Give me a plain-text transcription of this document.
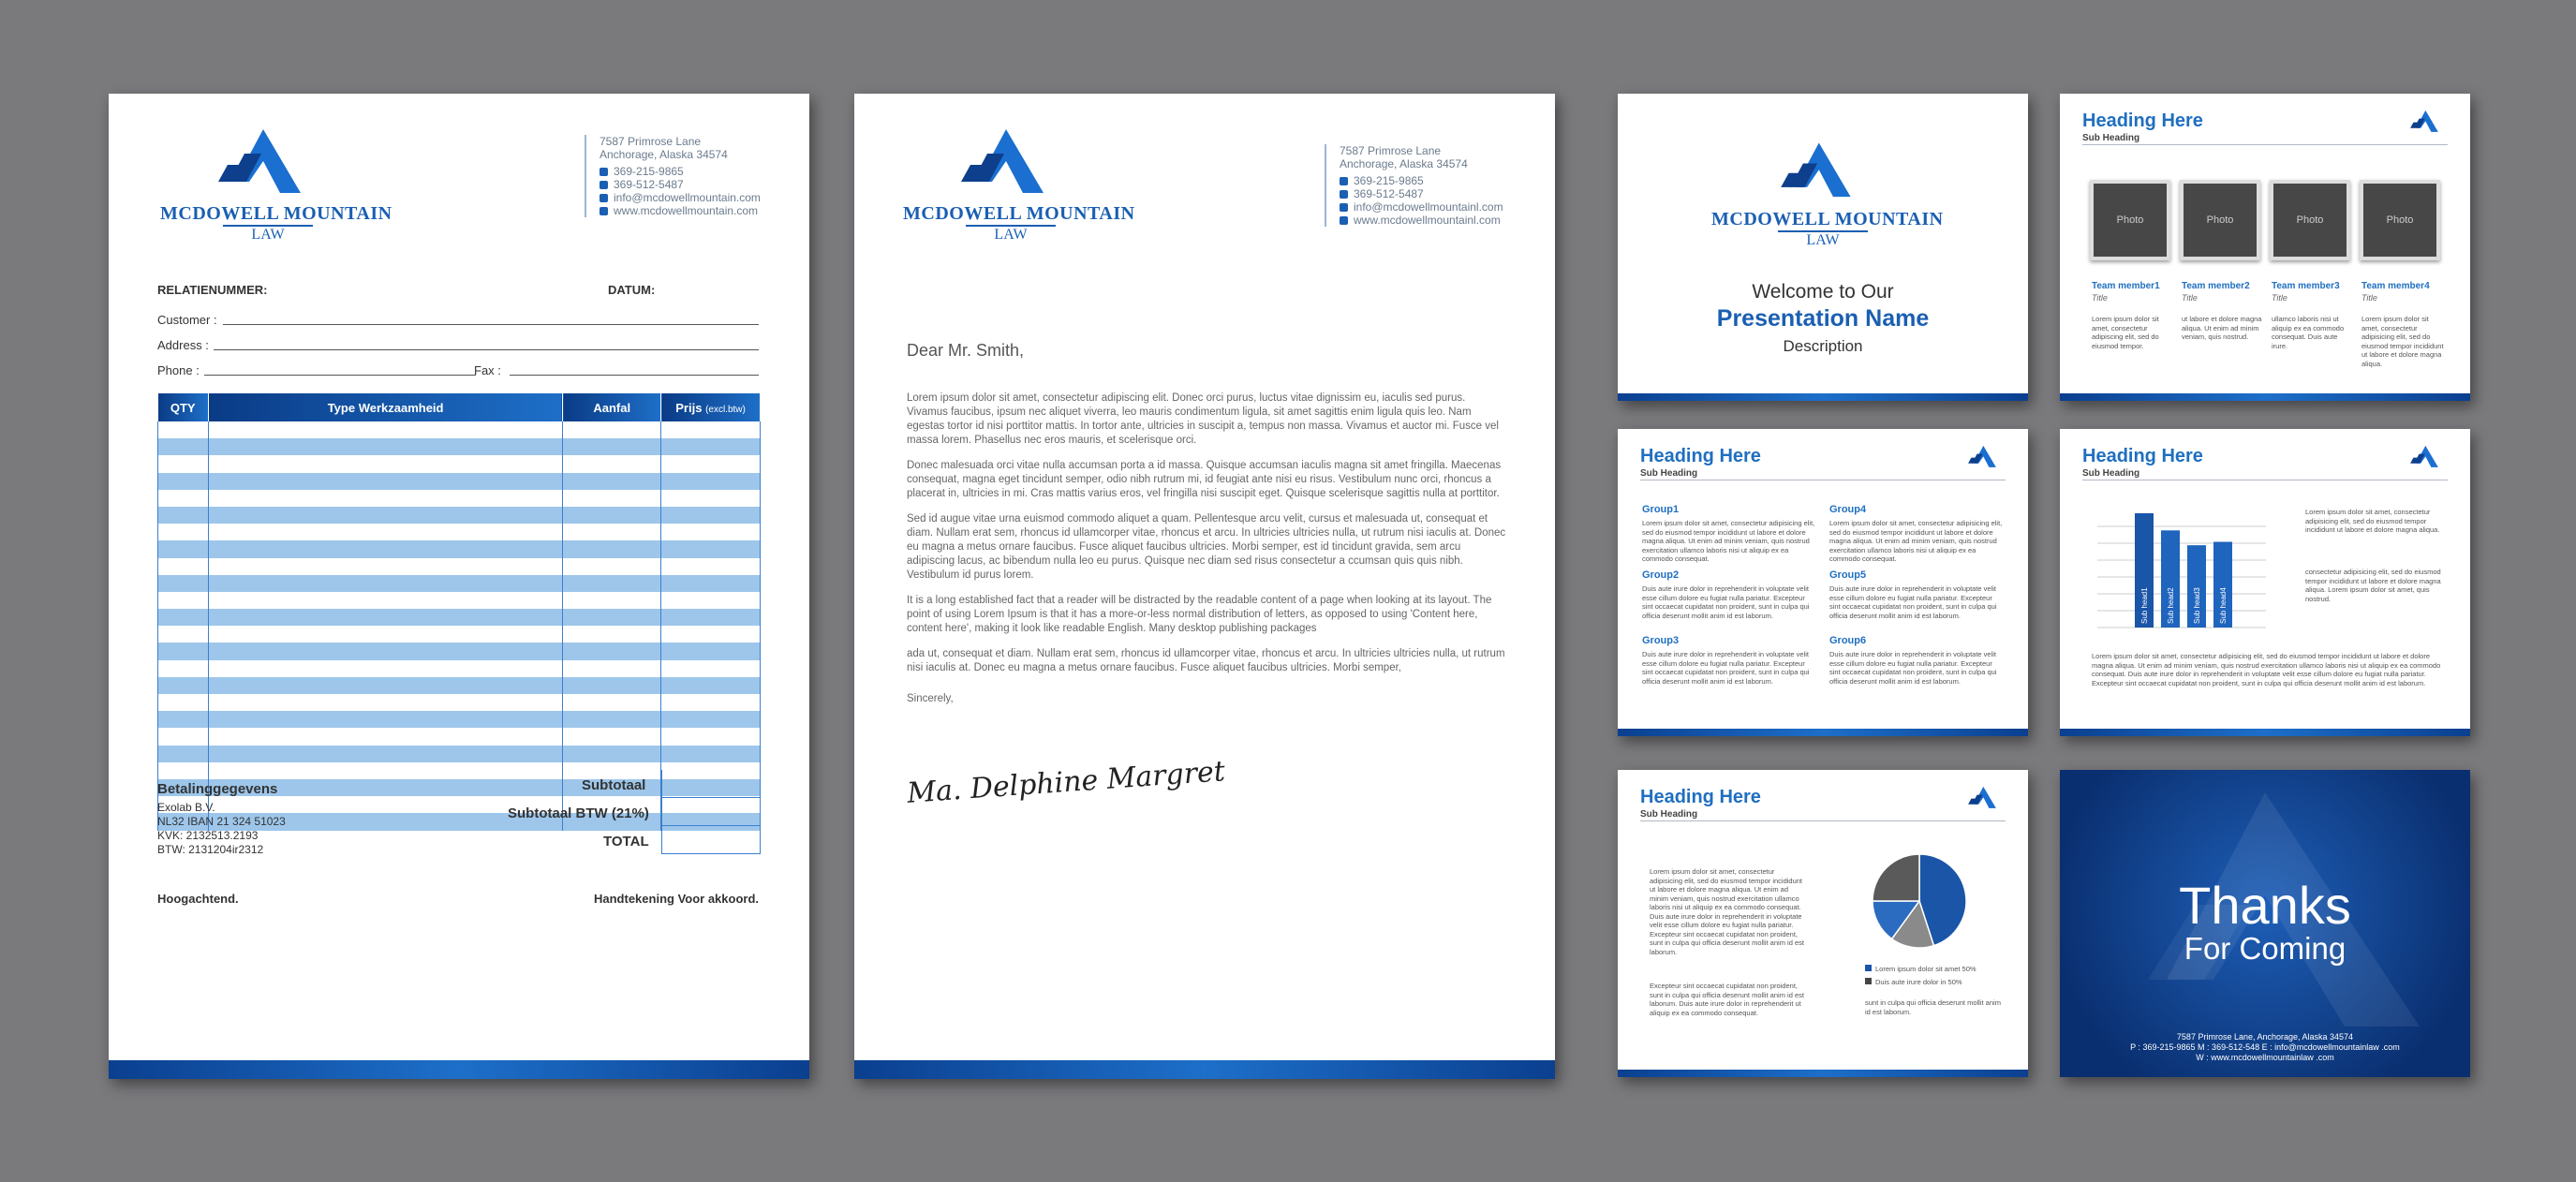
MCDOWELL MOUNTAIN
LAW
7587 Primrose Lane
Anchorage, Alaska 34574
369-215-9865
369-512-5487
info@mcdowellmountain.com
www.mcdowellmountain.com
RELATIENUMMER:	DATUM:
Customer :
Address :
Phone :	Fax :
QTY	Type Werkzaamheid	Aanfal	Prijs (excl.btw)

Subtotaal
Subtotaal BTW (21%)
TOTAL
Betalinggegevens
Exolab B.V.
NL32 IBAN 21 324 51023
KVK: 2132513.2193
BTW: 2131204ir2312
Hoogachtend.	Handtekening Voor akkoord.
MCDOWELL MOUNTAIN
LAW
7587 Primrose Lane
Anchorage, Alaska 34574
369-215-9865
369-512-5487
info@mcdowellmountainl.com
www.mcdowellmountainl.com
Dear Mr. Smith,

Lorem ipsum dolor sit amet, consectetur adipiscing elit. Donec orci purus, luctus vitae dignissim eu, iaculis sed purus. Vivamus faucibus, ipsum nec aliquet viverra, leo mauris condimentum ligula, sit amet sagittis enim ligula quis leo. Nam egestas tortor id nisi porttitor mattis. In tortor ante, ultricies in suscipit a, tempus non massa. Vivamus et auctor mi. Fusce vel massa lorem. Phasellus nec eros mauris, et scelerisque orci.

Donec malesuada orci vitae nulla accumsan porta a id massa. Quisque accumsan iaculis magna sit amet fringilla. Maecenas consequat, magna eget tincidunt semper, odio nibh rutrum mi, id feugiat ante nisi eu risus. Vestibulum nunc orci, rhoncus a placerat in, ultricies in mi. Cras mattis varius eros, vel fringilla nisi suscipit eget. Quisque scelerisque sagittis nulla at porttitor.

Sed id augue vitae urna euismod commodo aliquet a quam. Pellentesque arcu velit, cursus et malesuada ut, consequat et diam. Nullam erat sem, rhoncus id ullamcorper vitae, rhoncus et arcu. In ultricies ultricies nulla, ut rutrum nisi iaculis at. Donec eu magna a metus ornare faucibus. Fusce aliquet faucibus ultricies. Morbi semper, est id tincidunt gravida, sem arcu adipiscing lacus, ac bibendum nulla leo eu purus. Quisque nec diam sed risus consectetur a ccumsan quis quis nibh. Vestibulum id purus lorem.

It is a long established fact that a reader will be distracted by the readable content of a page when looking at its layout. The point of using Lorem Ipsum is that it has a more-or-less normal distribution of letters, as opposed to using 'Content here, content here', making it look like readable English. Many desktop publishing packages

ada ut, consequat et diam. Nullam erat sem, rhoncus id ullamcorper vitae, rhoncus et arcu. In ultricies ultricies nulla, ut rutrum nisi iaculis at. Donec eu magna a metus ornare faucibus. Fusce aliquet faucibus ultricies. Morbi semper,

Sincerely,

Ma. Delphine Margret
MCDOWELL MOUNTAIN
LAW
Welcome to Our
Presentation Name
Description
Heading Here
Sub Heading
Photo	Photo	Photo	Photo
Team member1 Team member2 Team member3 Team member4
Title	Title	Title	Title
Lorem ipsum dolor sit amet, consectetur adipiscing elit, sed do eiusmod tempor.
ut labore et dolore magna aliqua. Ut enim ad minim veniam, quis nostrud.
ullamco laboris nisi ut aliquip ex ea commodo consequat. Duis aute irure.
Lorem ipsum dolor sit amet, consectetur adipisicing elit, sed do eiusmod tempor incididunt ut labore et dolore magna aliqua.
Heading Here
Sub Heading
Group1
Lorem ipsum dolor sit amet, consectetur adipisicing elit, sed do eiusmod tempor incididunt ut labore et dolore magna aliqua. Ut enim ad minim veniam, quis nostrud exercitation ullamco laboris nisi ut aliquip ex ea commodo consequat.
Group4
Lorem ipsum dolor sit amet, consectetur adipisicing elit, sed do eiusmod tempor incididunt ut labore et dolore magna aliqua. Ut enim ad minim veniam, quis nostrud exercitation ullamco laboris nisi ut aliquip ex ea commodo consequat.
Group2
Duis aute irure dolor in reprehenderit in voluptate velit esse cillum dolore eu fugiat nulla pariatur. Excepteur sint occaecat cupidatat non proident, sunt in culpa qui officia deserunt mollit anim id est laborum.
Group5
Duis aute irure dolor in reprehenderit in voluptate velit esse cillum dolore eu fugiat nulla pariatur. Excepteur sint occaecat cupidatat non proident, sunt in culpa qui officia deserunt mollit anim id est laborum.
Group3
Duis aute irure dolor in reprehenderit in voluptate velit esse cillum dolore eu fugiat nulla pariatur. Excepteur sint occaecat cupidatat non proident, sunt in culpa qui officia deserunt mollit anim id est laborum.
Group6
Duis aute irure dolor in reprehenderit in voluptate velit esse cillum dolore eu fugiat nulla pariatur. Excepteur sint occaecat cupidatat non proident, sunt in culpa qui officia deserunt mollit anim id est laborum.
Heading Here
Sub Heading
Sub head1 Sub head2 Sub head3 Sub head4
Lorem ipsum dolor sit amet, consectetur adipisicing elit, sed do eiusmod tempor incididunt ut labore et dolore magna aliqua.
consectetur adipisicing elit, sed do eiusmod tempor incididunt ut labore et dolore magna aliqua. Lorem ipsum dolor sit amet, quis nostrud.
Lorem ipsum dolor sit amet, consectetur adipisicing elit, sed do eiusmod tempor incididunt ut labore et dolore magna aliqua. Ut enim ad minim veniam, quis nostrud exercitation ullamco laboris nisi ut aliquip ex ea commodo consequat. Duis aute irure dolor in reprehenderit in voluptate velit esse cillum dolore eu fugiat nulla pariatur. Excepteur sint occaecat cupidatat non proident, sunt in culpa qui officia deserunt mollit anim id est laborum.
Heading Here
Sub Heading
Lorem ipsum dolor sit amet, consectetur adipisicing elit, sed do eiusmod tempor incididunt ut labore et dolore magna aliqua. Ut enim ad minim veniam, quis nostrud exercitation ullamco laboris nisi ut aliquip ex ea commodo consequat. Duis aute irure dolor in reprehenderit in voluptate velit esse cillum dolore eu fugiat nulla pariatur. Excepteur sint occaecat cupidatat non proident, sunt in culpa qui officia deserunt mollit anim id est laborum.
Excepteur sint occaecat cupidatat non proident, sunt in culpa qui officia deserunt mollit anim id est laborum. Duis aute irure dolor in reprehenderit ut aliquip ex ea commodo consequat.
Lorem ipsum dolor sit amet 50%
Duis aute irure dolor in 50%
sunt in culpa qui officia deserunt mollit anim id est laborum.
Thanks
For Coming
7587 Primrose Lane, Anchorage, Alaska 34574
P : 369-215-9865 M : 369-512-548 E : info@mcdowellmountainlaw .com
W : www.mcdowellmountainlaw .com
